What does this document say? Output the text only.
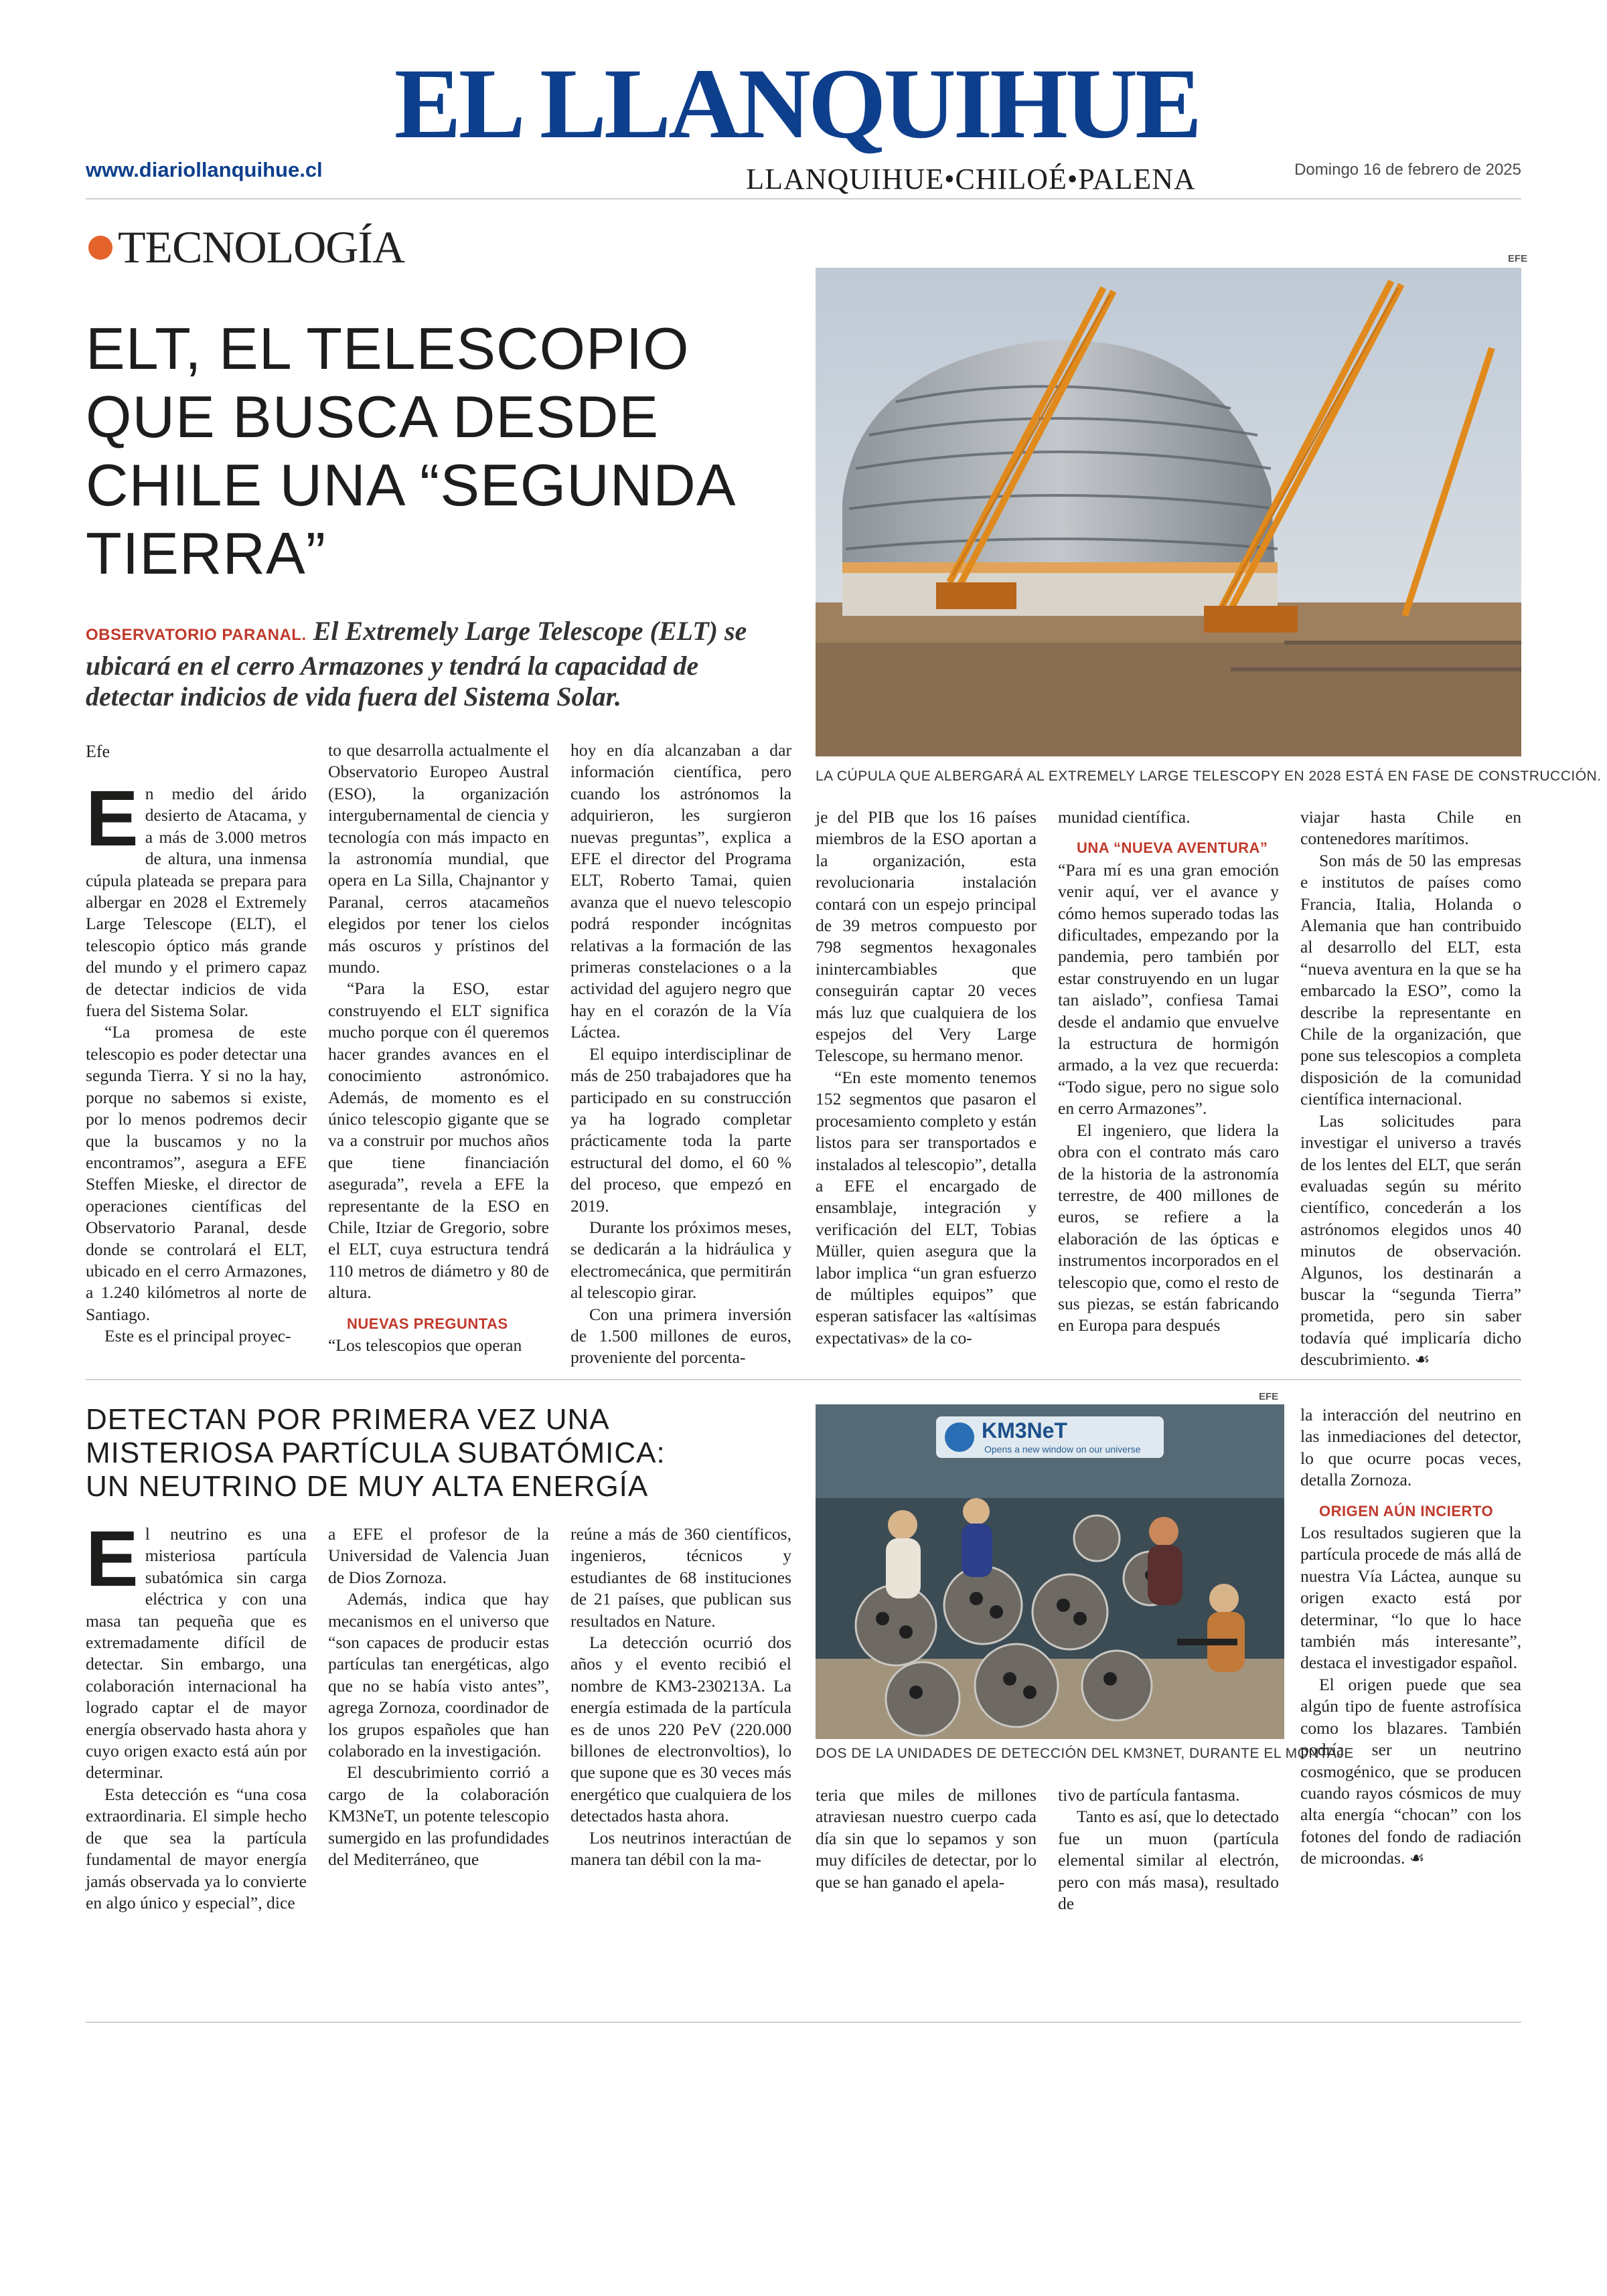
EL LLANQUIHUE
www.diariollanquihue.cl	LLANQUIHUE•CHILOÉ•PALENA	Domingo 16 de febrero de 2025
TECNOLOGÍA
ELT, EL TELESCOPIO
QUE BUSCA DESDE
CHILE UNA “SEGUNDA
TIERRA”
OBSERVATORIO PARANAL. El Extremely Large Telescope (ELT) se ubicará en el cerro Armazones y tendrá la capacidad de detectar indicios de vida fuera del Sistema Solar.
EFE
LA CÚPULA QUE ALBERGARÁ AL EXTREMELY LARGE TELESCOPY EN 2028 ESTÁ EN FASE DE CONSTRUCCIÓN.
Efe

En medio del árido desierto de Atacama, y a más de 3.000 metros de altura, una inmensa cúpula plateada se prepara para albergar en 2028 el Extremely Large Telescope (ELT), el telescopio óptico más grande del mundo y el primero capaz de detectar indicios de vida fuera del Sistema Solar.

“La promesa de este telescopio es poder detectar una segunda Tierra. Y si no la hay, porque no sabemos si existe, por lo menos podremos decir que la buscamos y no la encontramos”, asegura a EFE Steffen Mieske, el director de operaciones científicas del Observatorio Paranal, desde donde se controlará el ELT, ubicado en el cerro Armazones, a 1.240 kilómetros al norte de Santiago.

Este es el principal proyec-

to que desarrolla actualmente el Observatorio Europeo Austral (ESO), la organización intergubernamental de ciencia y tecnología con más impacto en la astronomía mundial, que opera en La Silla, Chajnantor y Paranal, cerros atacameños elegidos por tener los cielos más oscuros y prístinos del mundo.

“Para la ESO, estar construyendo el ELT significa mucho porque con él queremos hacer grandes avances en el conocimiento astronómico. Además, de momento es el único telescopio gigante que se va a construir por muchos años que tiene financiación asegurada”, revela a EFE la representante de la ESO en Chile, Itziar de Gregorio, sobre el ELT, cuya estructura tendrá 110 metros de diámetro y 80 de altura.

NUEVAS PREGUNTAS

“Los telescopios que operan

hoy en día alcanzaban a dar información científica, pero cuando los astrónomos la adquirieron, les surgieron nuevas preguntas”, explica a EFE el director del Programa ELT, Roberto Tamai, quien avanza que el nuevo telescopio podrá responder incógnitas relativas a la formación de las primeras constelaciones o a la actividad del agujero negro que hay en el corazón de la Vía Láctea.

El equipo interdisciplinar de más de 250 trabajadores que ha participado en su construcción ya ha logrado completar prácticamente toda la parte estructural del domo, el 60 % del proceso, que empezó en 2019.

Durante los próximos meses, se dedicarán a la hidráulica y electromecánica, que permitirán al telescopio girar.

Con una primera inversión de 1.500 millones de euros, proveniente del porcenta-

je del PIB que los 16 países miembros de la ESO aportan a la organización, esta revolucionaria instalación contará con un espejo principal de 39 metros compuesto por 798 segmentos hexagonales inintercambiables que conseguirán captar 20 veces más luz que cualquiera de los espejos del Very Large Telescope, su hermano menor.

“En este momento tenemos 152 segmentos que pasaron el procesamiento completo y están listos para ser transportados e instalados al telescopio”, detalla a EFE el encargado de ensamblaje, integración y verificación del ELT, Tobias Müller, quien asegura que la labor implica “un gran esfuerzo de múltiples equipos” que esperan satisfacer las «altísimas expectativas» de la co-

munidad científica.

UNA “NUEVA AVENTURA”

“Para mí es una gran emoción venir aquí, ver el avance y cómo hemos superado todas las dificultades, empezando por la pandemia, pero también por estar construyendo en un lugar tan aislado”, confiesa Tamai desde el andamio que envuelve la estructura de hormigón armado, a la vez que recuerda: “Todo sigue, pero no sigue solo en cerro Armazones”.

El ingeniero, que lidera la obra con el contrato más caro de la historia de la astronomía terrestre, de 400 millones de euros, se refiere a la elaboración de las ópticas e instrumentos incorporados en el telescopio que, como el resto de sus piezas, se están fabricando en Europa para después

viajar hasta Chile en contenedores marítimos.

Son más de 50 las empresas e institutos de países como Francia, Italia, Holanda o Alemania que han contribuido al desarrollo del ELT, esta “nueva aventura en la que se ha embarcado la ESO”, como la describe la representante en Chile de la organización, que pone sus telescopios a completa disposición de la comunidad científica internacional.

Las solicitudes para investigar el universo a través de los lentes del ELT, que serán evaluadas según su mérito científico, concederán a los astrónomos elegidos unos 40 minutos de observación. Algunos, los destinarán a buscar la “segunda Tierra” prometida, pero sin saber todavía qué implicaría dicho descubrimiento. ☙

DETECTAN POR PRIMERA VEZ UNA
MISTERIOSA PARTÍCULA SUBATÓMICA:
UN NEUTRINO DE MUY ALTA ENERGÍA
EFE
KM3NeT
Opens a new window on our universe
DOS DE LA UNIDADES DE DETECCIÓN DEL KM3NET, DURANTE EL MONTAJE

El neutrino es una misteriosa partícula subatómica sin carga eléctrica y con una masa tan pequeña que es extremadamente difícil de detectar. Sin embargo, una colaboración internacional ha logrado captar el de mayor energía observado hasta ahora y cuyo origen exacto está aún por determinar.

Esta detección es “una cosa extraordinaria. El simple hecho de que sea la partícula fundamental de mayor energía jamás observada ya lo convierte en algo único y especial”, dice

a EFE el profesor de la Universidad de Valencia Juan de Dios Zornoza.

Además, indica que hay mecanismos en el universo que “son capaces de producir estas partículas tan energéticas, algo que no se había visto antes”, agrega Zornoza, coordinador de los grupos españoles que han colaborado en la investigación.

El descubrimiento corrió a cargo de la colaboración KM3NeT, un potente telescopio sumergido en las profundidades del Mediterráneo, que

reúne a más de 360 científicos, ingenieros, técnicos y estudiantes de 68 instituciones de 21 países, que publican sus resultados en Nature.

La detección ocurrió dos años y el evento recibió el nombre de KM3-230213A. La energía estimada de la partícula es de unos 220 PeV (220.000 billones de electronvoltios), lo que supone que es 30 veces más energético que cualquiera de los detectados hasta ahora.

Los neutrinos interactúan de manera tan débil con la ma-

teria que miles de millones atraviesan nuestro cuerpo cada día sin que lo sepamos y son muy difíciles de detectar, por lo que se han ganado el apela-

tivo de partícula fantasma.

Tanto es así, que lo detectado fue un muon (partícula elemental similar al electrón, pero con más masa), resultado de

la interacción del neutrino en las inmediaciones del detector, lo que ocurre pocas veces, detalla Zornoza.

ORIGEN AÚN INCIERTO

Los resultados sugieren que la partícula procede de más allá de nuestra Vía Láctea, aunque su origen exacto está por determinar, “lo que lo hace también más interesante”, destaca el investigador español.

El origen puede que sea algún tipo de fuente astrofísica como los blazares. También podría ser un neutrino cosmogénico, que se producen cuando rayos cósmicos de muy alta energía “chocan” con los fotones del fondo de radiación de microondas. ☙
